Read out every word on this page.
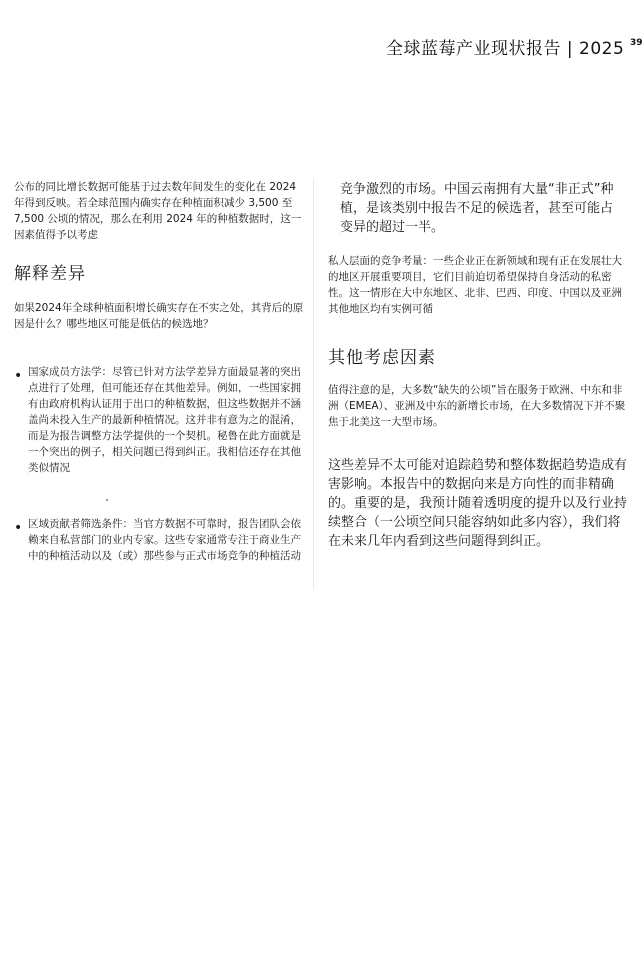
全球蓝莓产业现状报告 | 2025 39

公布的同比增长数据可能基于过去数年间发生的变化在 2024 年得到反映。若全球范围内确实存在种植面积减少 3,500 至 7,500 公顷的情况，那么在利用 2024 年的种植数据时，这一因素值得予以考虑

解释差异

如果2024年全球种植面积增长确实存在不实之处，其背后的原因是什么？哪些地区可能是低估的候选地？

• 国家成员方法学：尽管已针对方法学差异方面最显著的突出点进行了处理，但可能还存在其他差异。例如，一些国家拥有由政府机构认证用于出口的种植数据，但这些数据并不涵盖尚未投入生产的最新种植情况。这并非有意为之的混淆，而是为报告调整方法学提供的一个契机。秘鲁在此方面就是一个突出的例子，相关问题已得到纠正。我相信还存在其他类似情况

• 区域贡献者筛选条件：当官方数据不可靠时，报告团队会依赖来自私营部门的业内专家。这些专家通常专注于商业生产中的种植活动以及（或）那些参与正式市场竞争的种植活动

竞争激烈的市场。中国云南拥有大量“非正式”种植，是该类别中报告不足的候选者，甚至可能占变异的超过一半。

私人层面的竞争考量：一些企业正在新领域和现有正在发展壮大的地区开展重要项目，它们目前迫切希望保持自身活动的私密性。这一情形在大中东地区、北非、巴西、印度、中国以及亚洲其他地区均有实例可循

其他考虑因素

值得注意的是，大多数“缺失的公顷”旨在服务于欧洲、中东和非洲（EMEA）、亚洲及中东的新增长市场，在大多数情况下并不聚焦于北美这一大型市场。

这些差异不太可能对追踪趋势和整体数据趋势造成有害影响。本报告中的数据向来是方向性的而非精确的。重要的是，我预计随着透明度的提升以及行业持续整合（一公顷空间只能容纳如此多内容），我们将在未来几年内看到这些问题得到纠正。
